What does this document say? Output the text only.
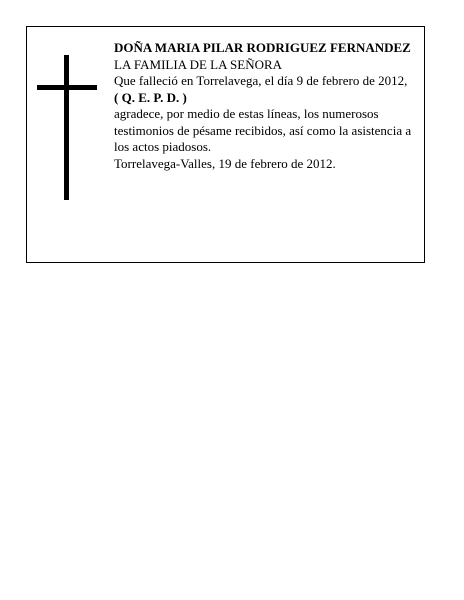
DOÑA MARIA PILAR RODRIGUEZ FERNANDEZ

LA FAMILIA DE LA SEÑORA

Que falleció en Torrelavega, el día 9 de febrero de 2012,

( Q. E. P. D. )

agradece, por medio de estas líneas, los numerosos testimonios de pésame recibidos, así como la asistencia a los actos piadosos.

Torrelavega-Valles, 19 de febrero de 2012.
